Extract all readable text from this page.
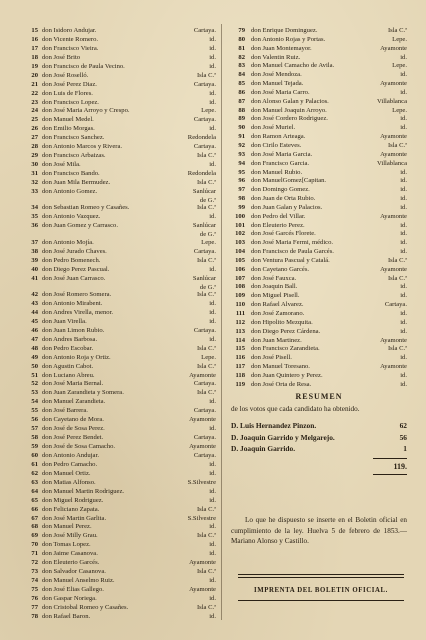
15 don Isidoro Andujar.	Cartaya.
16 don Vicente Romero.	id.
17 don Francisco Vieira.	id.
18 don José Brito	id.
19 don Francisco de Paula Vecino.	id.
20 don José Roselló.	Isla C.ª
21 don José Perez Diaz.	Cartaya.
22 don Luis de Flores.	id.
23 don Francisco Lopez.	id.
24 don José Maria Arroyo y Crespo.	Lepe.
25 don Manuel Medel.	Cartaya.
26 don Emilio Morgas.	id.
27 don Francisco Sanchez.	Redondela
28 don Antonio Marcos y Rivera.	Cartaya.
29 don Francisco Arbaizas.	Isla C.ª
30 don José Mila.	id.
31 don Francisco Bando.	Redondela
32 don Juan Mila Bermudez.	Isla C.ª
33 don Antonio Gomez.	Sanlúcar
de G.ª
34 don Sebastian Romeo y Casañes.	Isla C.ª
35 don Antonio Vazquez.	id.
36 don Juan Gomez y Carrasco.	Sanlúcar
de G.ª
37 don Antonio Mojía.	Lepe.
38 don José Jurado Chaves.	Cartaya.
39 don Pedro Bomenech.	Isla C.ª
40 don Diego Perez Pascual.	id.
41 don José Juan Carrasco.	Sanlúcar
de G.ª
42 don José Romero Somera.	Isla C.ª
43 don Antonio Mirabent.	id.
44 don Andres Virella, menor.	id.
45 don Juan Virella.	id.
46 don Juan Limon Rubio.	Cartaya.
47 don Andres Barbosa.	id.
48 don Pedro Escobar.	Isla C.ª
49 don Antonio Roja y Ortiz.	Lepe.
50 don Agustin Cabot.	Isla C.ª
51 don Luciano Abreu.	Ayamonte
52 don José Maria Bernal.	Cartaya.
53 don Juan Zarandieta y Somera.	Isla C.ª
54 don Manuel Zarandieta.	id.
55 don José Barrera.	Cartaya.
56 don Cayetano de Mora.	Ayamonte
57 don José de Sosa Perez.	id.
58 don José Perez Bendet.	Cartaya.
59 don José de Sosa Camacho.	Ayamonte
60 don Antonio Andujar.	Cartaya.
61 don Pedro Camacho.	id.
62 don Manuel Ortiz.	id.
63 don Matias Alfonso.	S.Silvestre
64 don Manuel Martin Rodriguez.	id.
65 don Miguel Rodriguez.	id.
66 don Feliciano Zapata.	Isla C.ª
67 don José Martin Garlita.	S.Silvestre
68 don Manuel Perez.	id.
69 don José Milly Grau.	Isla C.ª
70 don Tomas Lopez.	id.
71 don Jaime Casanova.	id.
72 don Eleuterio Garcés.	Ayamonte
73 don Salvador Casanova.	Isla C.ª
74 don Manuel Anselmo Ruiz.	id.
75 don José Elias Gallego.	Ayamonte
76 don Gaspar Noriega.	id.
77 don Cristobal Romeo y Casañes.	Isla C.ª
78 don Rafael Baron.	id.
79 don Enrique Dominguez.	Isla C.ª
80 don Antonio Rojas y Portas.	Lepe.
81 don Juan Montemayor.	Ayamonte
82 don Valentin Ruiz.	id.
83 don Manuel Camacho de Avila.	Lepe.
84 don José Mendoza.	id.
85 don Manuel Tejada.	Ayamonte
86 don José Maria Carro.	id.
87 don Alonso Galan y Palacios.	Villablanca
88 don Manuel Joaquin Arroyo.	Lepe.
89 don José Cordero Rodriguez.	id.
90 don José Muriel.	id.
91 don Ramon Arteaga.	Ayamonte
92 don Cirilo Esteves.	Isla C.ª
93 don José Maria Garcia.	Ayamonte
94 don Francisco Garcia.	Villablanca
95 don Manuel Rubio.	id.
96 don ManuelGomez[Capitan.	id.
97 don Domingo Gomez.	id.
98 don Juan de Orta Rubio.	id.
99 don Juan Galan y Palacios.	id.
100 don Pedro del Villar.	Ayamonte
101 don Eleuterio Perez.	id.
102 don José Garcés Florete.	id.
103 don José Maria Fermi, médico.	id.
104 don Francisco de Paula Garcés.	id.
105 don Ventura Pascual y Catalá.	Isla C.ª
106 don Cayetano Garcés.	Ayamonte
107 don José Fauxca.	Isla C.ª
108 don Joaquin Ball.	id.
109 don Miguel Pisell.	id.
110 don Rafael Alvarez.	Cartaya.
111 don José Zamorano.	id.
112 don Hipolito Mezquita.	id.
113 don Diego Perez Cárdena.	id.
114 don Juan Martinez.	Ayamonte
115 don Francisco Zarandieta.	Isla C.ª
116 don José Pisell.	id.
117 don Manuel Toresano.	Ayamonte
118 don Juan Quintero y Perez.	id.
119 don José Orta de Resa.	id.
RESUMEN
de los votos que cada candidato ha obtenido.
D. Luis Hernandez Pinzon.	62
D. Joaquin Garrido y Melgarejo.	56
D. Joaquin Garrido.	1
119.
Lo que he dispuesto se inserte en el Boletin oficial en cumplimiento de la ley. Huelva 5 de febrero de 1853.—Mariano Alonso y Castillo.
IMPRENTA DEL BOLETIN OFICIAL.
